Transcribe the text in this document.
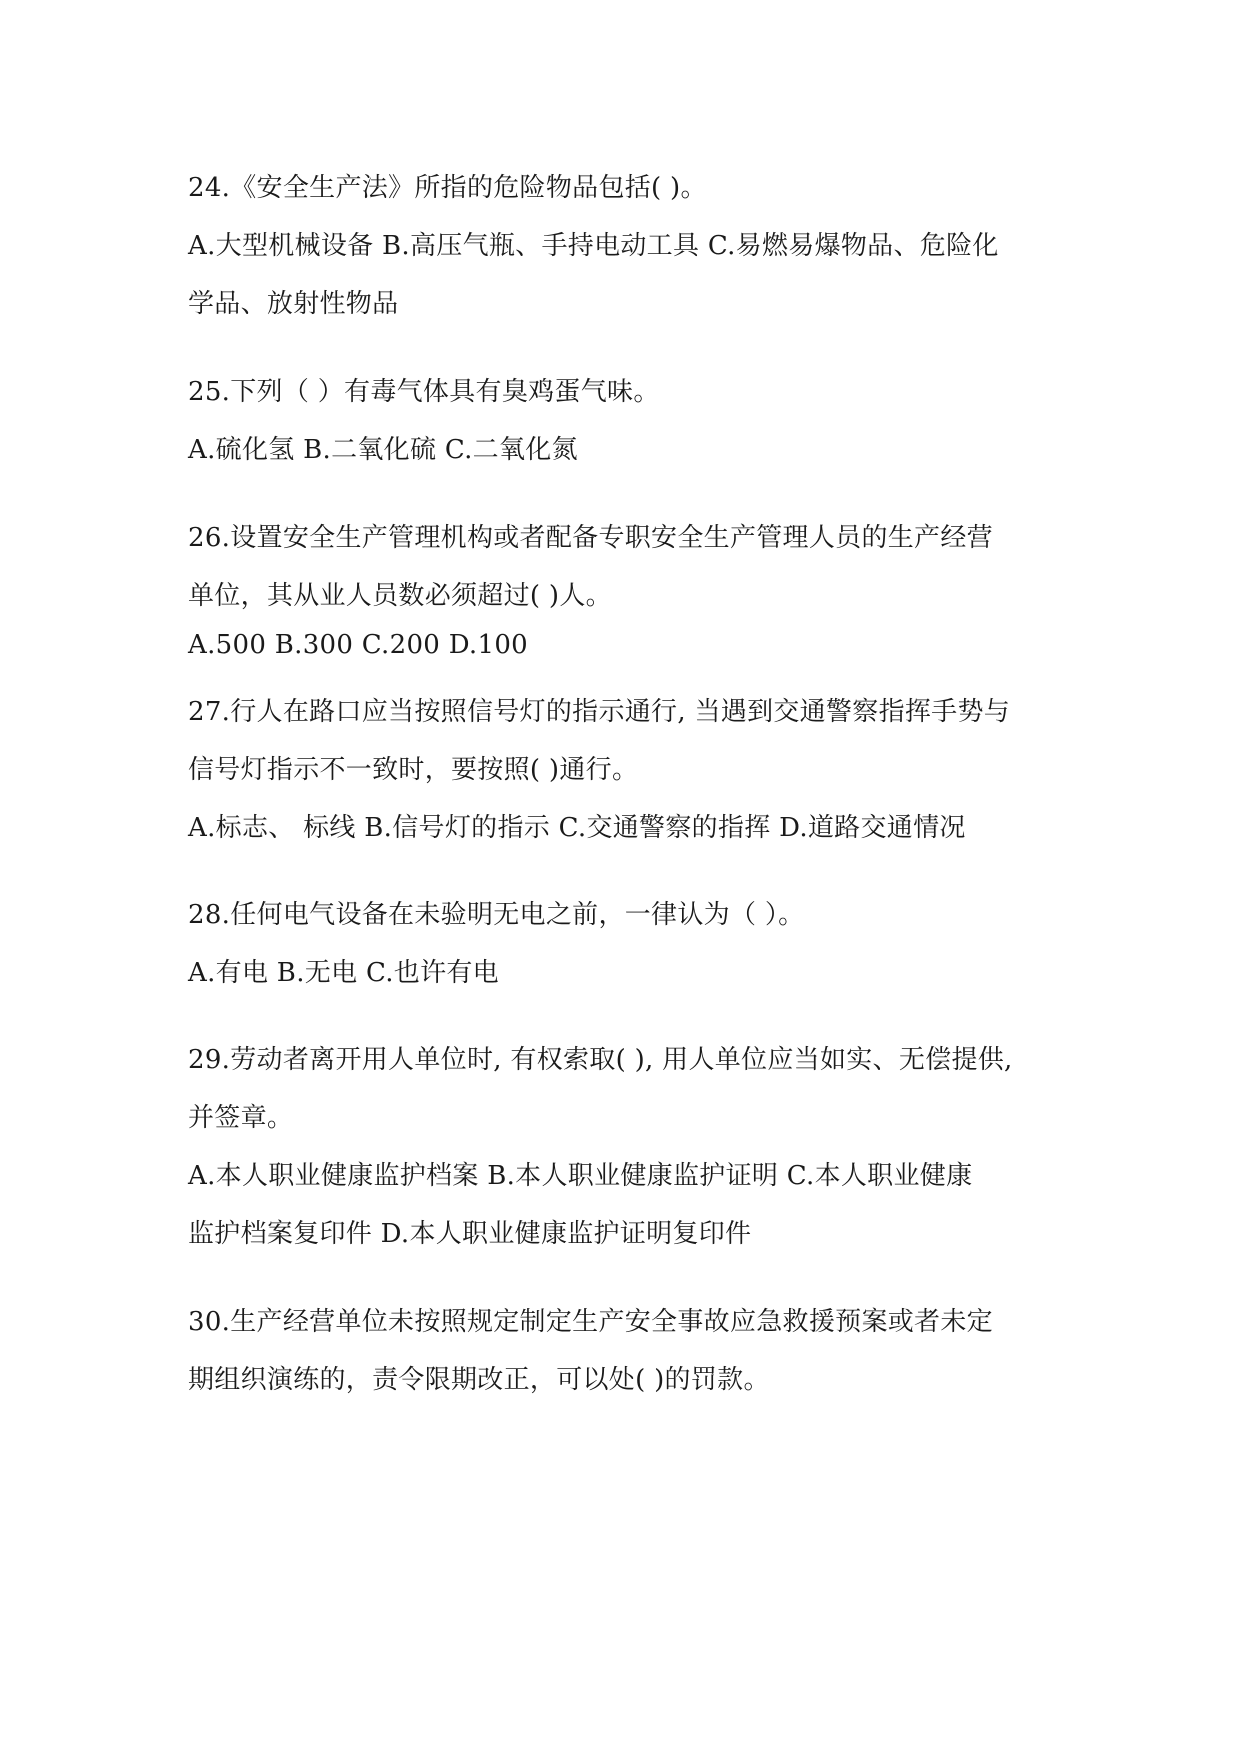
24.《安全生产法》所指的危险物品包括( )。
A.大型机械设备 B.高压气瓶、手持电动工具 C.易燃易爆物品、危险化
学品、放射性物品
25.下列（ ）有毒气体具有臭鸡蛋气味。
A.硫化氢 B.二氧化硫 C.二氧化氮
26.设置安全生产管理机构或者配备专职安全生产管理人员的生产经营
单位，其从业人员数必须超过( )人。
A.500 B.300 C.200 D.100
27.行人在路口应当按照信号灯的指示通行, 当遇到交通警察指挥手势与
信号灯指示不一致时，要按照( )通行。
A.标志、 标线 B.信号灯的指示 C.交通警察的指挥 D.道路交通情况
28.任何电气设备在未验明无电之前，一律认为（ ）。
A.有电 B.无电 C.也许有电
29.劳动者离开用人单位时, 有权索取( ), 用人单位应当如实、无偿提供,
并签章。
A.本人职业健康监护档案 B.本人职业健康监护证明 C.本人职业健康
监护档案复印件 D.本人职业健康监护证明复印件
30.生产经营单位未按照规定制定生产安全事故应急救援预案或者未定
期组织演练的，责令限期改正，可以处( )的罚款。
